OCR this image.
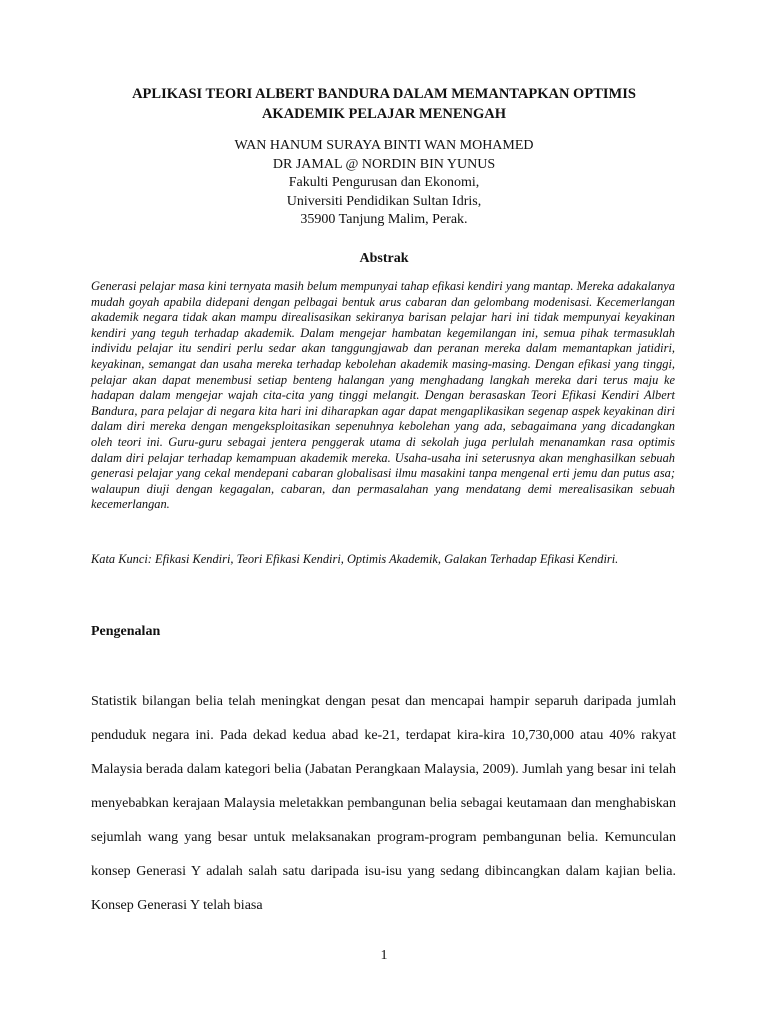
APLIKASI TEORI ALBERT BANDURA DALAM MEMANTAPKAN OPTIMIS
AKADEMIK PELAJAR MENENGAH
WAN HANUM SURAYA BINTI WAN MOHAMED
DR JAMAL @ NORDIN BIN YUNUS
Fakulti Pengurusan dan Ekonomi,
Universiti Pendidikan Sultan Idris,
35900 Tanjung Malim, Perak.
Abstrak

Generasi pelajar masa kini ternyata masih belum mempunyai tahap efikasi kendiri yang mantap. Mereka adakalanya mudah goyah apabila didepani dengan pelbagai bentuk arus cabaran dan gelombang modenisasi. Kecemerlangan akademik negara tidak akan mampu direalisasikan sekiranya barisan pelajar hari ini tidak mempunyai keyakinan kendiri yang teguh terhadap akademik. Dalam mengejar hambatan kegemilangan ini, semua pihak termasuklah individu pelajar itu sendiri perlu sedar akan tanggungjawab dan peranan mereka dalam memantapkan jatidiri, keyakinan, semangat dan usaha mereka terhadap kebolehan akademik masing-masing. Dengan efikasi yang tinggi, pelajar akan dapat menembusi setiap benteng halangan yang menghadang langkah mereka dari terus maju ke hadapan dalam mengejar wajah cita-cita yang tinggi melangit. Dengan berasaskan Teori Efikasi Kendiri Albert Bandura, para pelajar di negara kita hari ini diharapkan agar dapat mengaplikasikan segenap aspek keyakinan diri dalam diri mereka dengan mengeksploitasikan sepenuhnya kebolehan yang ada, sebagaimana yang dicadangkan oleh teori ini. Guru-guru sebagai jentera penggerak utama di sekolah juga perlulah menanamkan rasa optimis dalam diri pelajar terhadap kemampuan akademik mereka. Usaha-usaha ini seterusnya akan menghasilkan sebuah generasi pelajar yang cekal mendepani cabaran globalisasi ilmu masakini tanpa mengenal erti jemu dan putus asa; walaupun diuji dengan kegagalan, cabaran, dan permasalahan yang mendatang demi merealisasikan sebuah kecemerlangan.

Kata Kunci: Efikasi Kendiri, Teori Efikasi Kendiri, Optimis Akademik, Galakan Terhadap Efikasi Kendiri.

Pengenalan

Statistik bilangan belia telah meningkat dengan pesat dan mencapai hampir separuh daripada jumlah penduduk negara ini. Pada dekad kedua abad ke-21, terdapat kira-kira 10,730,000 atau 40% rakyat Malaysia berada dalam kategori belia (Jabatan Perangkaan Malaysia, 2009). Jumlah yang besar ini telah menyebabkan kerajaan Malaysia meletakkan pembangunan belia sebagai keutamaan dan menghabiskan sejumlah wang yang besar untuk melaksanakan program-program pembangunan belia. Kemunculan konsep Generasi Y adalah salah satu daripada isu-isu yang sedang dibincangkan dalam kajian belia. Konsep Generasi Y telah biasa

1
